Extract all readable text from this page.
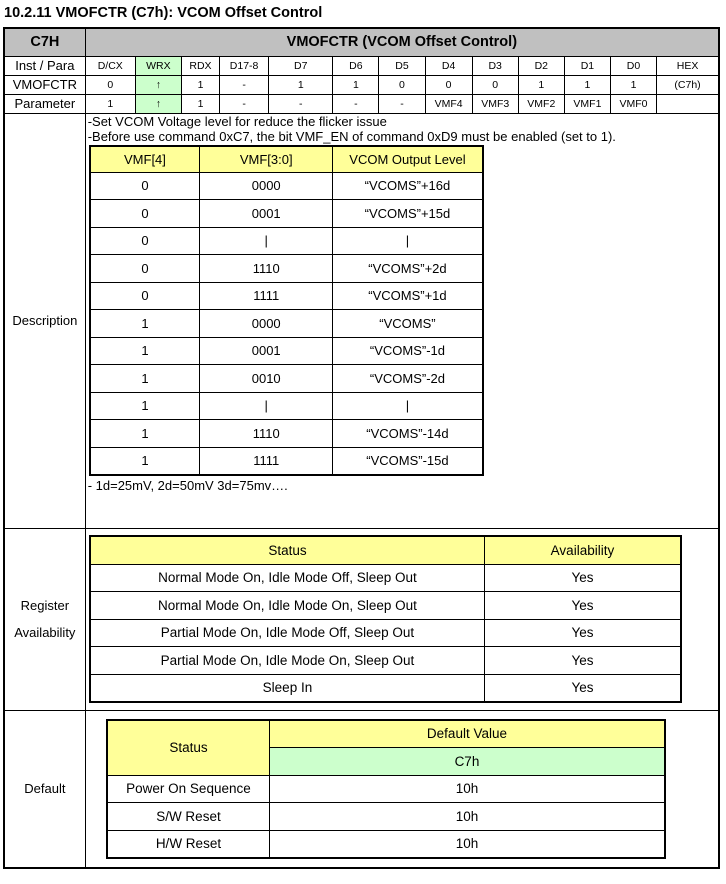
10.2.11 VMOFCTR (C7h): VCOM Offset Control
C7H	VMOFCTR (VCOM Offset Control)
Inst / Para	D/CX	WRX	RDX	D17-8	D7	D6	D5	D4	D3	D2	D1	D0	HEX
VMOFCTR	0	↑	1	-	1	1	0	0	0	1	1	1	(C7h)
Parameter	1	↑	1	-	-	-	-	VMF4	VMF3	VMF2	VMF1	VMF0	
Description	
-Set VCOM Voltage level for reduce the flicker issue
-Before use command 0xC7, the bit VMF_EN of command 0xD9 must be enabled (set to 1).
VMF[4]	VMF[3:0]	VCOM Output Level
0	0000	“VCOMS”+16d
0	0001	“VCOMS”+15d
0	|	|
0	1110	“VCOMS”+2d
0	1111	“VCOMS”+1d
1	0000	“VCOMS”
1	0001	“VCOMS”-1d
1	0010	“VCOMS”-2d
1	|	|
1	1110	“VCOMS”-14d
1	1111	“VCOMS”-15d
- 1d=25mV, 2d=50mV 3d=75mv….

Register
Availability

Status	Availability
Normal Mode On, Idle Mode Off, Sleep Out	Yes
Normal Mode On, Idle Mode On, Sleep Out	Yes
Partial Mode On, Idle Mode Off, Sleep Out	Yes
Partial Mode On, Idle Mode On, Sleep Out	Yes
Sleep In	Yes

Default	
Status	Default Value
C7h
Power On Sequence	10h
S/W Reset	10h
H/W Reset	10h
